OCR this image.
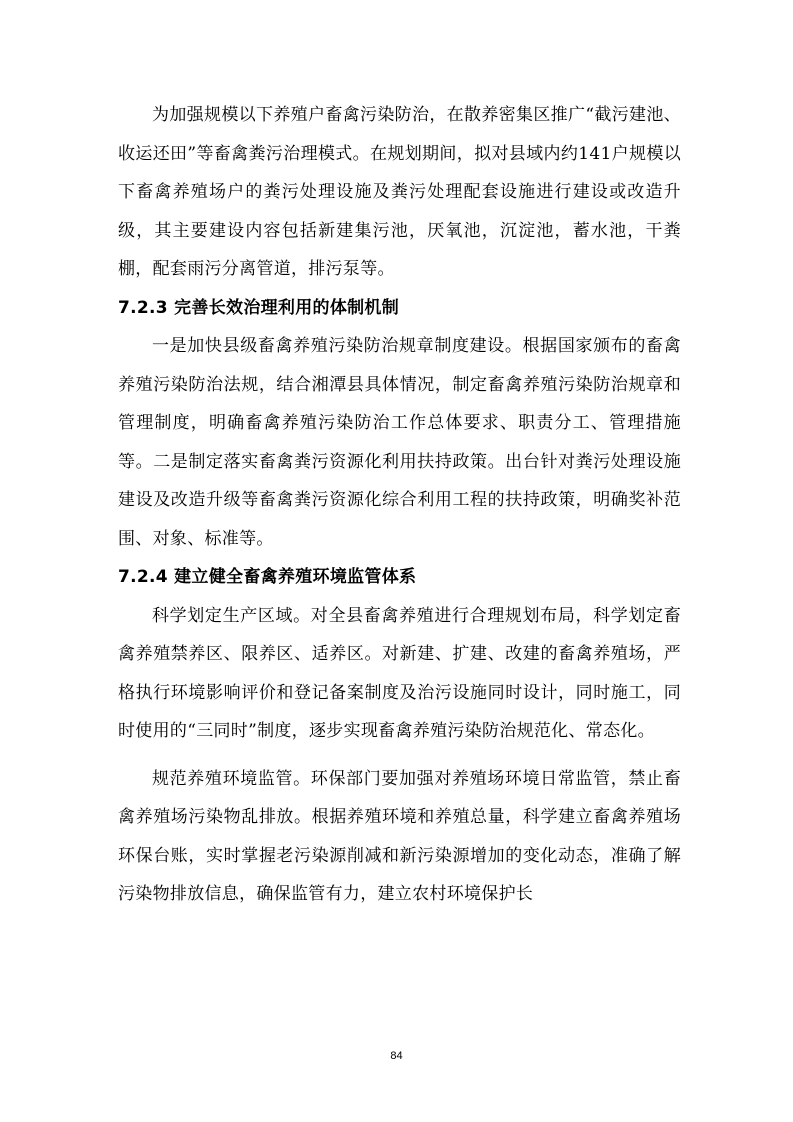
为加强规模以下养殖户畜禽污染防治，在散养密集区推广“截污建池、收运还田”等畜禽粪污治理模式。在规划期间，拟对县域内约141户规模以下畜禽养殖场户的粪污处理设施及粪污处理配套设施进行建设或改造升级，其主要建设内容包括新建集污池，厌氧池，沉淀池，蓄水池，干粪棚，配套雨污分离管道，排污泵等。

7.2.3 完善长效治理利用的体制机制

一是加快县级畜禽养殖污染防治规章制度建设。根据国家颁布的畜禽养殖污染防治法规，结合湘潭县具体情况，制定畜禽养殖污染防治规章和管理制度，明确畜禽养殖污染防治工作总体要求、职责分工、管理措施等。二是制定落实畜禽粪污资源化利用扶持政策。出台针对粪污处理设施建设及改造升级等畜禽粪污资源化综合利用工程的扶持政策，明确奖补范围、对象、标准等。

7.2.4 建立健全畜禽养殖环境监管体系

科学划定生产区域。对全县畜禽养殖进行合理规划布局，科学划定畜禽养殖禁养区、限养区、适养区。对新建、扩建、改建的畜禽养殖场，严格执行环境影响评价和登记备案制度及治污设施同时设计，同时施工，同时使用的“三同时”制度，逐步实现畜禽养殖污染防治规范化、常态化。

规范养殖环境监管。环保部门要加强对养殖场环境日常监管，禁止畜禽养殖场污染物乱排放。根据养殖环境和养殖总量，科学建立畜禽养殖场环保台账，实时掌握老污染源削减和新污染源增加的变化动态，准确了解污染物排放信息，确保监管有力，建立农村环境保护长

84
